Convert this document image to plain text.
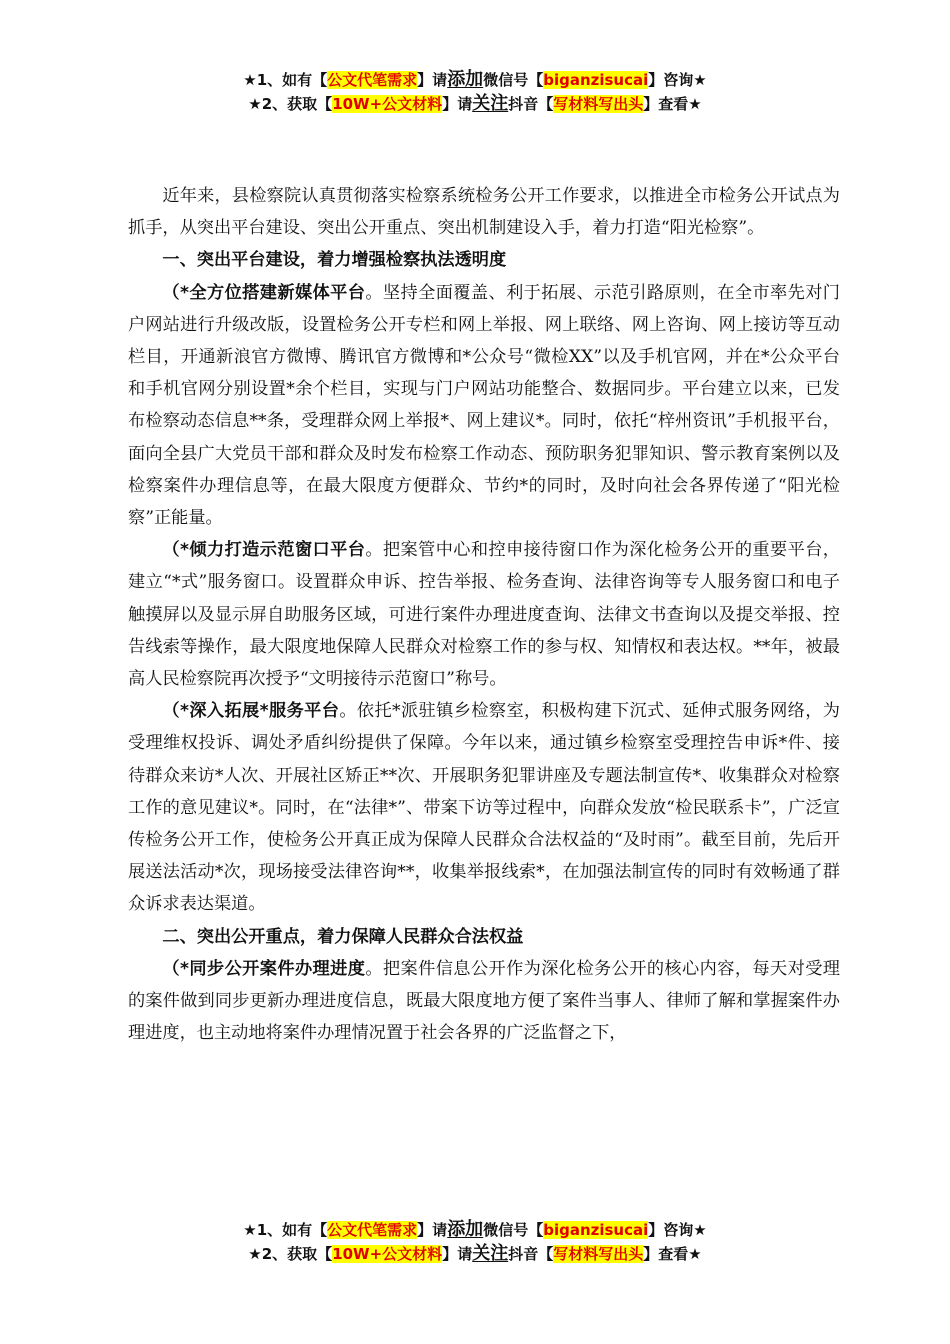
★1、如有【公文代笔需求】请添加微信号【biganzisucai】咨询★
★2、获取【10W+公文材料】请关注抖音【写材料写出头】查看★

近年来，县检察院认真贯彻落实检察系统检务公开工作要求，以推进全市检务公开试点为抓手，从突出平台建设、突出公开重点、突出机制建设入手，着力打造“阳光检察”。

一、突出平台建设，着力增强检察执法透明度

（*全方位搭建新媒体平台。坚持全面覆盖、利于拓展、示范引路原则，在全市率先对门户网站进行升级改版，设置检务公开专栏和网上举报、网上联络、网上咨询、网上接访等互动栏目，开通新浪官方微博、腾讯官方微博和*公众号“微检XX”以及手机官网，并在*公众平台和手机官网分别设置*余个栏目，实现与门户网站功能整合、数据同步。平台建立以来，已发布检察动态信息**条，受理群众网上举报*、网上建议*。同时，依托“梓州资讯”手机报平台，面向全县广大党员干部和群众及时发布检察工作动态、预防职务犯罪知识、警示教育案例以及检察案件办理信息等，在最大限度方便群众、节约*的同时，及时向社会各界传递了“阳光检察”正能量。

（*倾力打造示范窗口平台。把案管中心和控申接待窗口作为深化检务公开的重要平台，建立“*式”服务窗口。设置群众申诉、控告举报、检务查询、法律咨询等专人服务窗口和电子触摸屏以及显示屏自助服务区域，可进行案件办理进度查询、法律文书查询以及提交举报、控告线索等操作，最大限度地保障人民群众对检察工作的参与权、知情权和表达权。**年，被最高人民检察院再次授予“文明接待示范窗口”称号。

（*深入拓展*服务平台。依托*派驻镇乡检察室，积极构建下沉式、延伸式服务网络，为受理维权投诉、调处矛盾纠纷提供了保障。今年以来，通过镇乡检察室受理控告申诉*件、接待群众来访*人次、开展社区矫正**次、开展职务犯罪讲座及专题法制宣传*、收集群众对检察工作的意见建议*。同时，在“法律*”、带案下访等过程中，向群众发放“检民联系卡”，广泛宣传检务公开工作，使检务公开真正成为保障人民群众合法权益的“及时雨”。截至目前，先后开展送法活动*次，现场接受法律咨询**，收集举报线索*，在加强法制宣传的同时有效畅通了群众诉求表达渠道。

二、突出公开重点，着力保障人民群众合法权益

（*同步公开案件办理进度。把案件信息公开作为深化检务公开的核心内容，每天对受理的案件做到同步更新办理进度信息，既最大限度地方便了案件当事人、律师了解和掌握案件办理进度，也主动地将案件办理情况置于社会各界的广泛监督之下，

★1、如有【公文代笔需求】请添加微信号【biganzisucai】咨询★
★2、获取【10W+公文材料】请关注抖音【写材料写出头】查看★
